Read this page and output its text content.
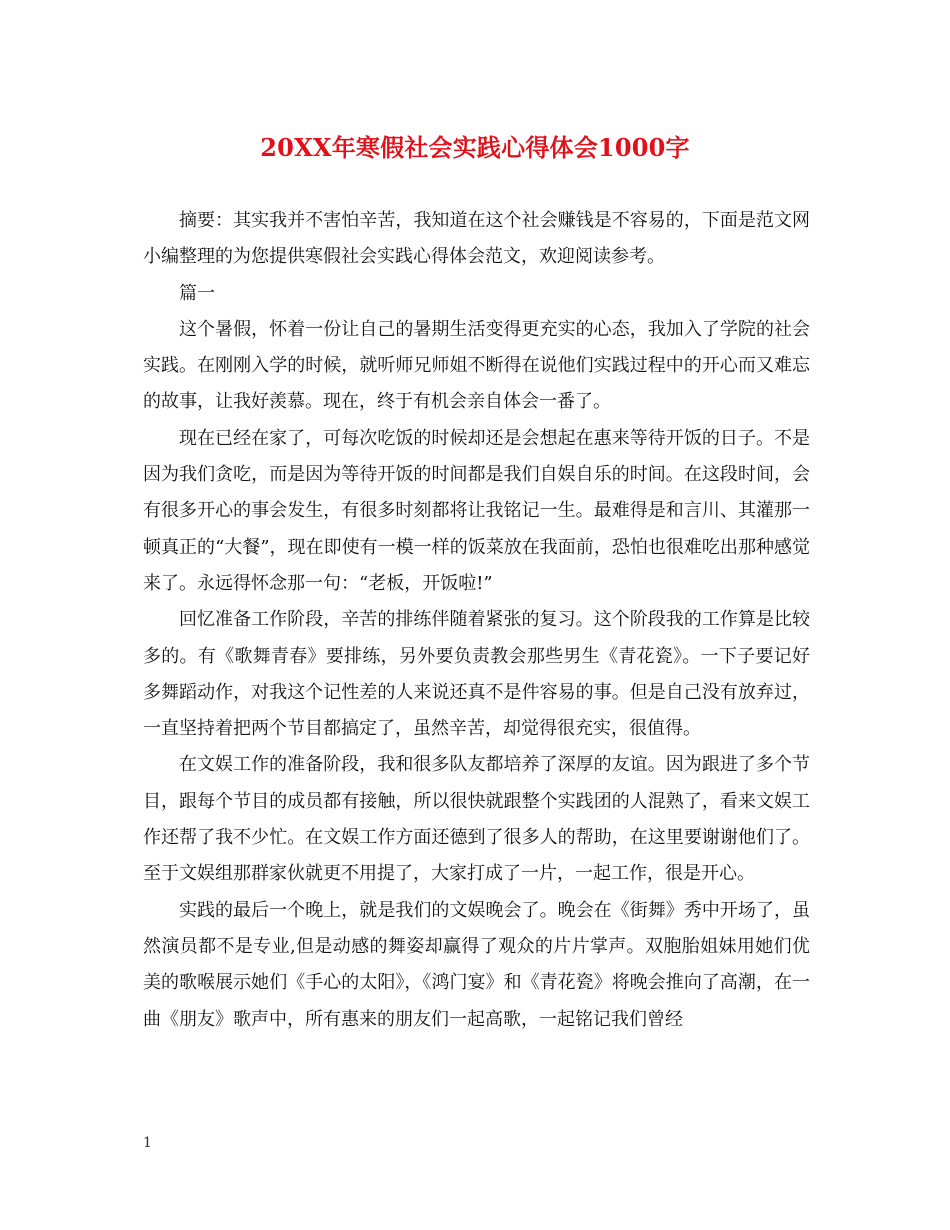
20XX年寒假社会实践心得体会1000字

摘要：其实我并不害怕辛苦，我知道在这个社会赚钱是不容易的，下面是范文网小编整理的为您提供寒假社会实践心得体会范文，欢迎阅读参考。

篇一

这个暑假，怀着一份让自己的暑期生活变得更充实的心态，我加入了学院的社会实践。在刚刚入学的时候，就听师兄师姐不断得在说他们实践过程中的开心而又难忘的故事，让我好羡慕。现在，终于有机会亲自体会一番了。

现在已经在家了，可每次吃饭的时候却还是会想起在惠来等待开饭的日子。不是因为我们贪吃，而是因为等待开饭的时间都是我们自娱自乐的时间。在这段时间，会有很多开心的事会发生，有很多时刻都将让我铭记一生。最难得是和言川、其灌那一顿真正的“大餐”，现在即使有一模一样的饭菜放在我面前，恐怕也很难吃出那种感觉来了。永远得怀念那一句：“老板，开饭啦!”

回忆准备工作阶段，辛苦的排练伴随着紧张的复习。这个阶段我的工作算是比较多的。有《歌舞青春》要排练，另外要负责教会那些男生《青花瓷》。一下子要记好多舞蹈动作，对我这个记性差的人来说还真不是件容易的事。但是自己没有放弃过，一直坚持着把两个节目都搞定了，虽然辛苦，却觉得很充实，很值得。

在文娱工作的准备阶段，我和很多队友都培养了深厚的友谊。因为跟进了多个节目，跟每个节目的成员都有接触，所以很快就跟整个实践团的人混熟了，看来文娱工作还帮了我不少忙。在文娱工作方面还德到了很多人的帮助，在这里要谢谢他们了。至于文娱组那群家伙就更不用提了，大家打成了一片，一起工作，很是开心。

实践的最后一个晚上，就是我们的文娱晚会了。晚会在《街舞》秀中开场了，虽然演员都不是专业,但是动感的舞姿却赢得了观众的片片掌声。双胞胎姐妹用她们优美的歌喉展示她们《手心的太阳》，《鸿门宴》和《青花瓷》将晚会推向了高潮，在一曲《朋友》歌声中，所有惠来的朋友们一起高歌，一起铭记我们曾经

1
